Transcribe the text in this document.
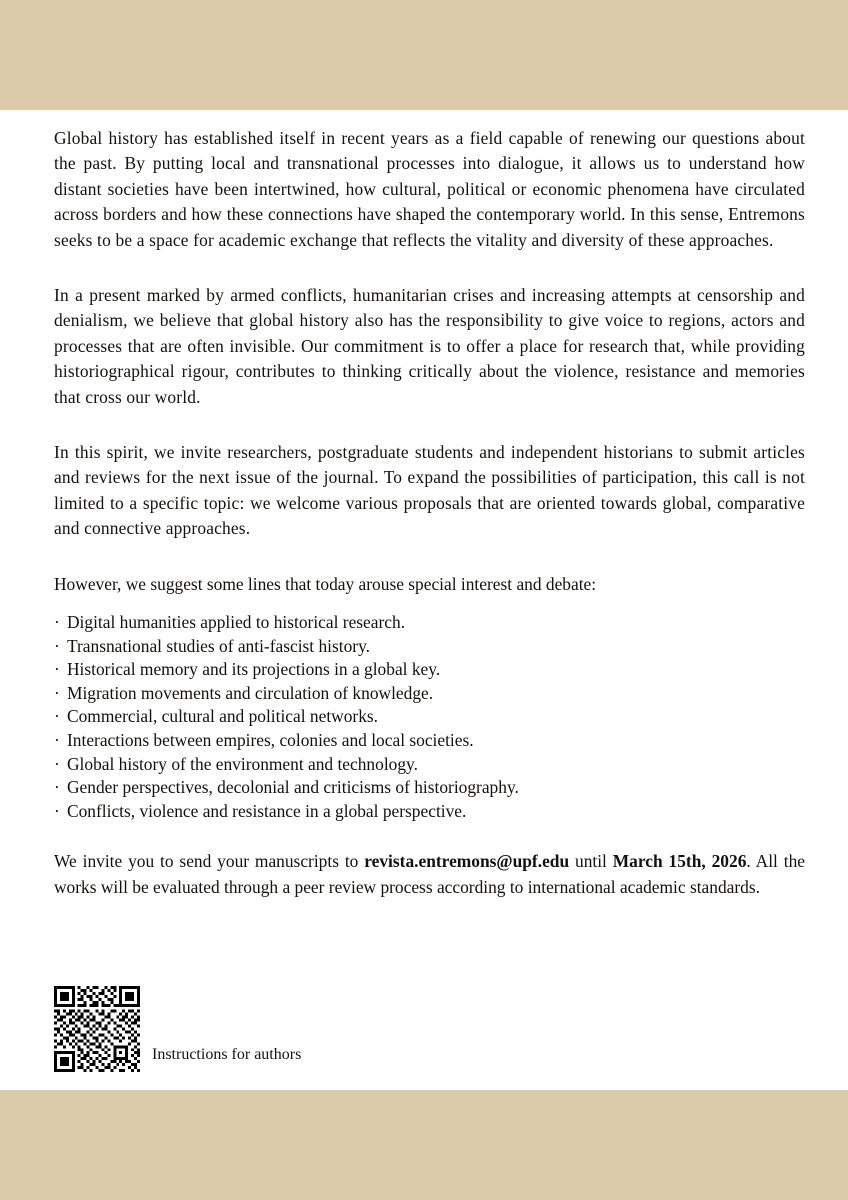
Global history has established itself in recent years as a field capable of renewing our questions about the past. By putting local and transnational processes into dialogue, it allows us to understand how distant societies have been intertwined, how cultural, political or economic phenomena have circulated across borders and how these connections have shaped the contemporary world. In this sense, Entremons seeks to be a space for academic exchange that reflects the vitality and diversity of these approaches.

In a present marked by armed conflicts, humanitarian crises and increasing attempts at censorship and denialism, we believe that global history also has the responsibility to give voice to regions, actors and processes that are often invisible. Our commitment is to offer a place for research that, while providing historiographical rigour, contributes to thinking critically about the violence, resistance and memories that cross our world.

In this spirit, we invite researchers, postgraduate students and independent historians to submit articles and reviews for the next issue of the journal. To expand the possibilities of participation, this call is not limited to a specific topic: we welcome various proposals that are oriented towards global, comparative and connective approaches.

However, we suggest some lines that today arouse special interest and debate:

· Digital humanities applied to historical research.
· Transnational studies of anti-fascist history.
· Historical memory and its projections in a global key.
· Migration movements and circulation of knowledge.
· Commercial, cultural and political networks.
· Interactions between empires, colonies and local societies.
· Global history of the environment and technology.
· Gender perspectives, decolonial and criticisms of historiography.
· Conflicts, violence and resistance in a global perspective.

We invite you to send your manuscripts to revista.entremons@upf.edu until March 15th, 2026. All the works will be evaluated through a peer review process according to international academic standards.

Instructions for authors
